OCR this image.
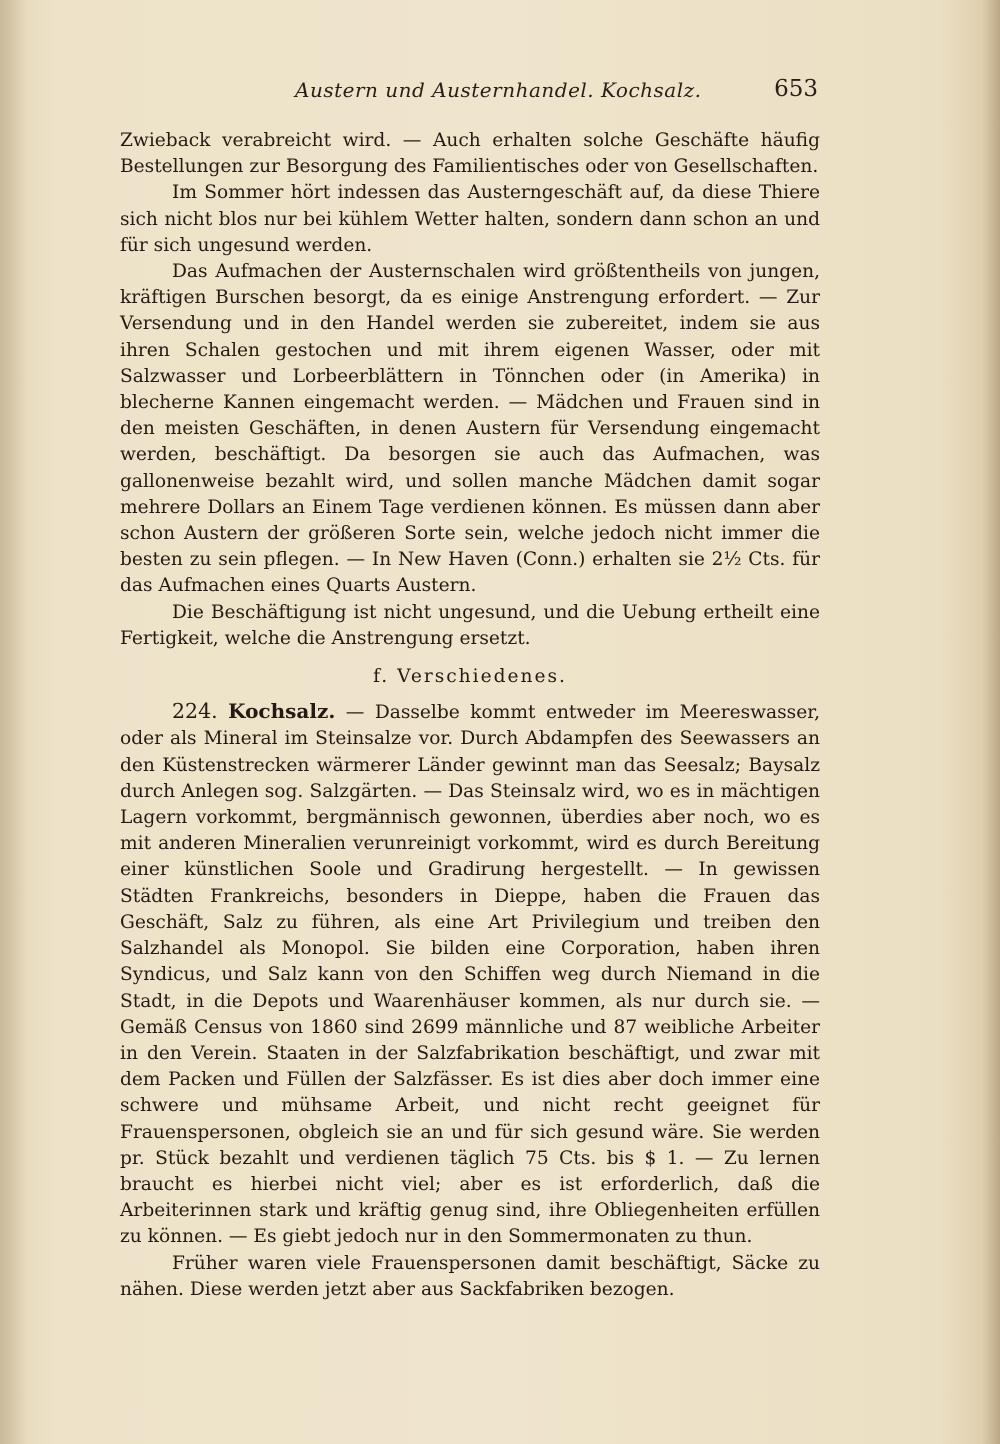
Austern und Austernhandel. Kochsalz.	653

Zwieback verabreicht wird. — Auch erhalten solche Geschäfte häufig Bestellungen zur Besorgung des Familientisches oder von Gesellschaften.

Im Sommer hört indessen das Austerngeschäft auf, da diese Thiere sich nicht blos nur bei kühlem Wetter halten, sondern dann schon an und für sich ungesund werden.

Das Aufmachen der Austernschalen wird größtentheils von jungen, kräftigen Burschen besorgt, da es einige Anstrengung erfordert. — Zur Versendung und in den Handel werden sie zubereitet, indem sie aus ihren Schalen gestochen und mit ihrem eigenen Wasser, oder mit Salzwasser und Lorbeerblättern in Tönnchen oder (in Amerika) in blecherne Kannen eingemacht werden. — Mädchen und Frauen sind in den meisten Geschäften, in denen Austern für Versendung eingemacht werden, beschäftigt. Da besorgen sie auch das Aufmachen, was gallonenweise bezahlt wird, und sollen manche Mädchen damit sogar mehrere Dollars an Einem Tage verdienen können. Es müssen dann aber schon Austern der größeren Sorte sein, welche jedoch nicht immer die besten zu sein pflegen. — In New Haven (Conn.) erhalten sie 2½ Cts. für das Aufmachen eines Quarts Austern.

Die Beschäftigung ist nicht ungesund, und die Uebung ertheilt eine Fertigkeit, welche die Anstrengung ersetzt.

f. Verschiedenes.

224. Kochsalz. — Dasselbe kommt entweder im Meereswasser, oder als Mineral im Steinsalze vor. Durch Abdampfen des Seewassers an den Küstenstrecken wärmerer Länder gewinnt man das Seesalz; Baysalz durch Anlegen sog. Salzgärten. — Das Steinsalz wird, wo es in mächtigen Lagern vorkommt, bergmännisch gewonnen, überdies aber noch, wo es mit anderen Mineralien verunreinigt vorkommt, wird es durch Bereitung einer künstlichen Soole und Gradirung hergestellt. — In gewissen Städten Frankreichs, besonders in Dieppe, haben die Frauen das Geschäft, Salz zu führen, als eine Art Privilegium und treiben den Salzhandel als Monopol. Sie bilden eine Corporation, haben ihren Syndicus, und Salz kann von den Schiffen weg durch Niemand in die Stadt, in die Depots und Waarenhäuser kommen, als nur durch sie. — Gemäß Census von 1860 sind 2699 männliche und 87 weibliche Arbeiter in den Verein. Staaten in der Salzfabrikation beschäftigt, und zwar mit dem Packen und Füllen der Salzfässer. Es ist dies aber doch immer eine schwere und mühsame Arbeit, und nicht recht geeignet für Frauenspersonen, obgleich sie an und für sich gesund wäre. Sie werden pr. Stück bezahlt und verdienen täglich 75 Cts. bis $ 1. — Zu lernen braucht es hierbei nicht viel; aber es ist erforderlich, daß die Arbeiterinnen stark und kräftig genug sind, ihre Obliegenheiten erfüllen zu können. — Es giebt jedoch nur in den Sommermonaten zu thun.

Früher waren viele Frauenspersonen damit beschäftigt, Säcke zu nähen. Diese werden jetzt aber aus Sackfabriken bezogen.
